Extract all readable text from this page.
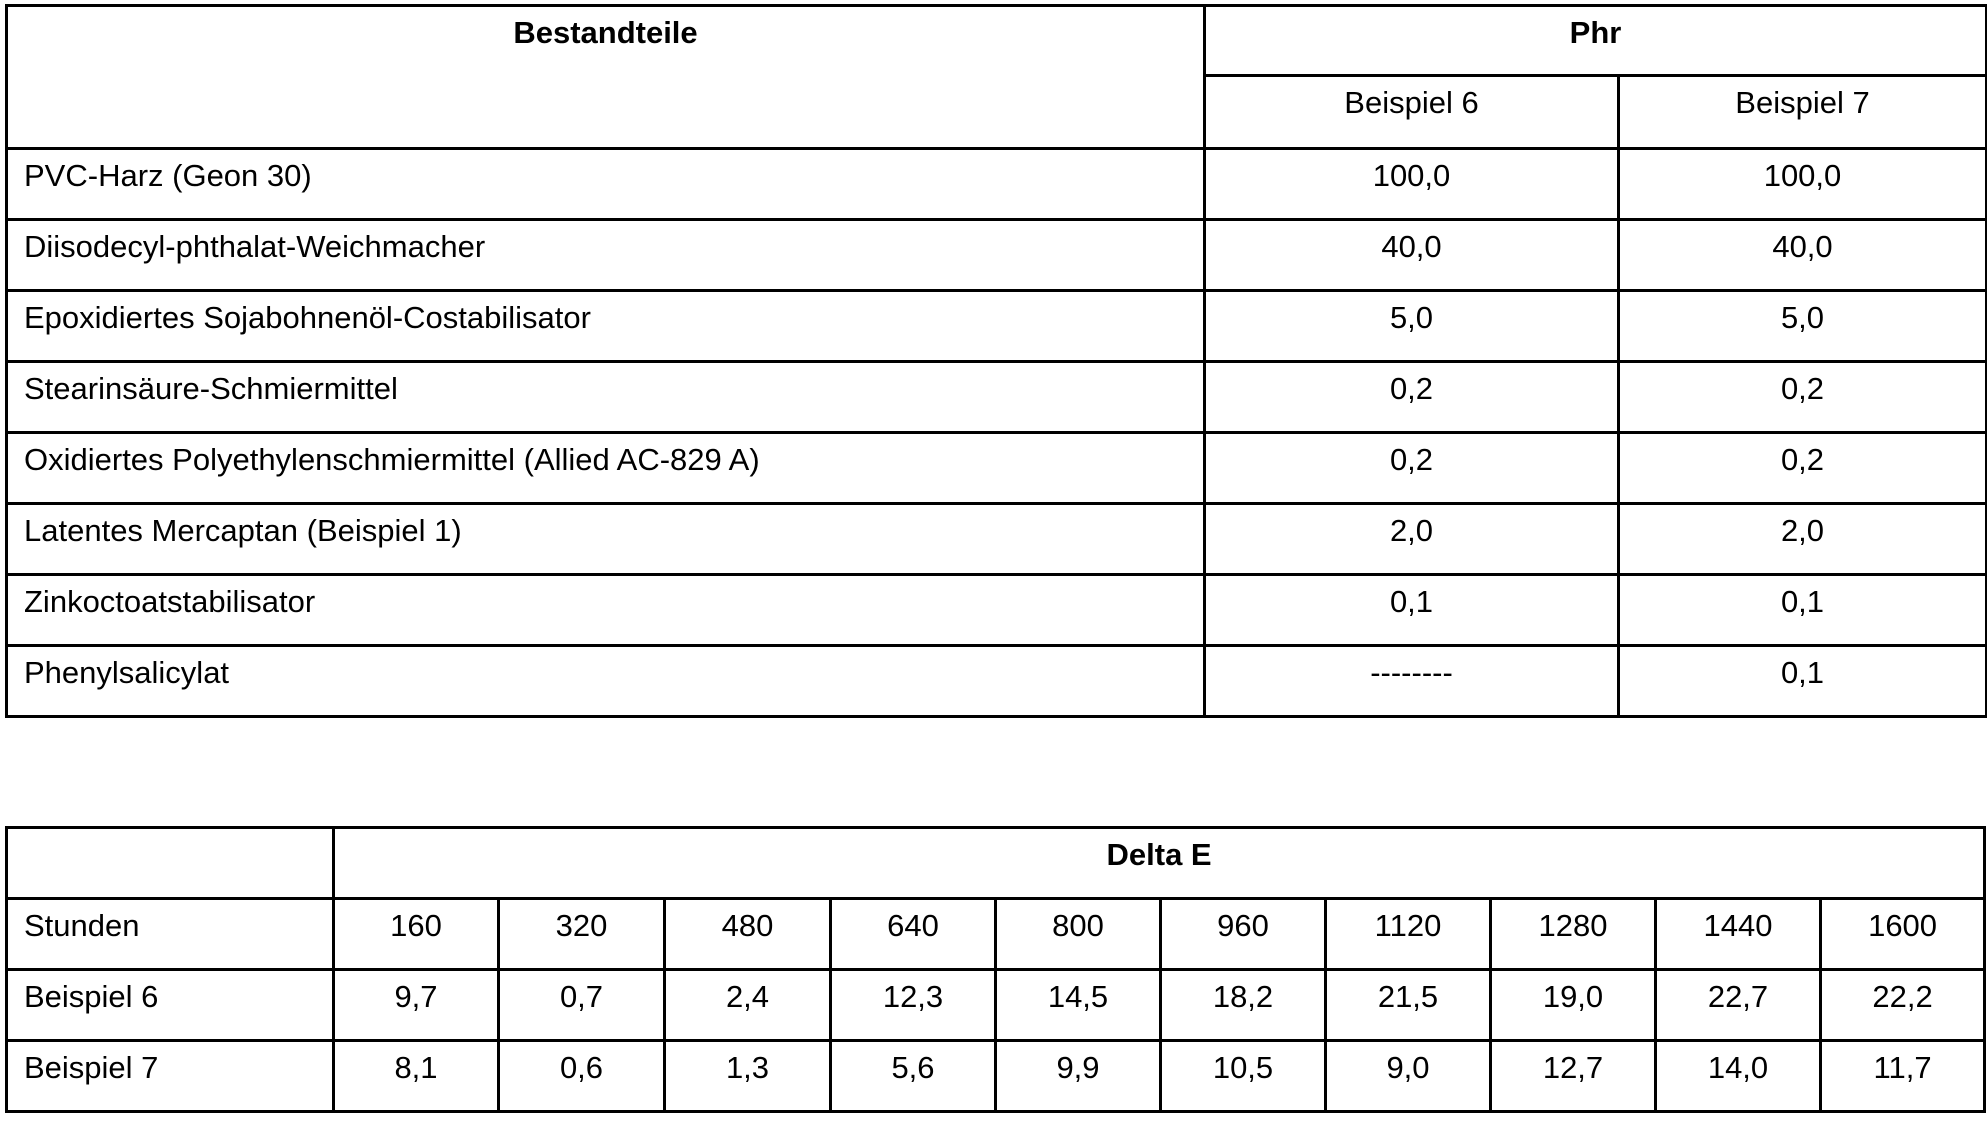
Bestandteile	Phr	
	Beispiel 6	Beispiel 7
PVC-Harz (Geon 30)	100,0	100,0
Diisodecyl-phthalat-Weichmacher	40,0	40,0
Epoxidiertes Sojabohnenöl-Costabilisator	5,0	5,0
Stearinsäure-Schmiermittel	0,2	0,2
Oxidiertes Polyethylenschmiermittel (Allied AC-829 A)	0,2	0,2
Latentes Mercaptan (Beispiel 1)	2,0	2,0
Zinkoctoatstabilisator	0,1	0,1
Phenylsalicylat	--------	0,1
	Delta E									
Stunden	160	320	480	640	800	960	1120	1280	1440	1600
Beispiel 6	9,7	0,7	2,4	12,3	14,5	18,2	21,5	19,0	22,7	22,2
Beispiel 7	8,1	0,6	1,3	5,6	9,9	10,5	9,0	12,7	14,0	11,7
